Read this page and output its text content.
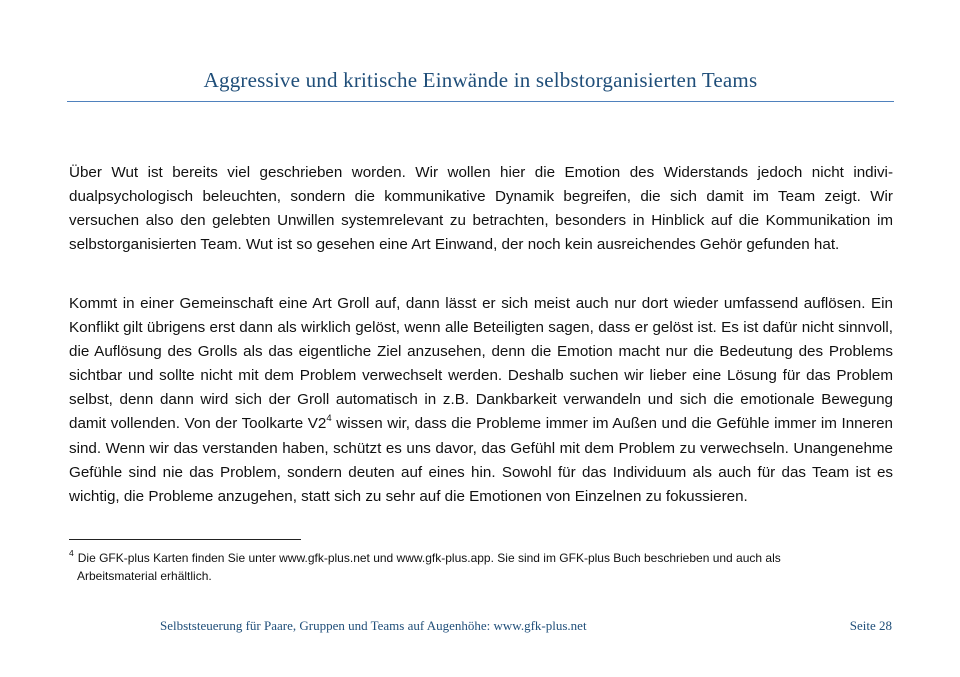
Aggressive und kritische Einwände in selbstorganisierten Teams

Über Wut ist bereits viel geschrieben worden. Wir wollen hier die Emotion des Widerstands jedoch nicht individualpsychologisch beleuchten, sondern die kommunikative Dynamik begreifen, die sich damit im Team zeigt. Wir versuchen also den gelebten Unwillen systemrelevant zu betrachten, besonders in Hinblick auf die Kommunikation im selbstorganisierten Team. Wut ist so gesehen eine Art Einwand, der noch kein ausreichendes Gehör gefunden hat.

Kommt in einer Gemeinschaft eine Art Groll auf, dann lässt er sich meist auch nur dort wieder umfassend auflösen. Ein Konflikt gilt übrigens erst dann als wirklich gelöst, wenn alle Beteiligten sagen, dass er gelöst ist. Es ist dafür nicht sinnvoll, die Auflösung des Grolls als das eigentliche Ziel anzusehen, denn die Emotion macht nur die Bedeutung des Problems sichtbar und sollte nicht mit dem Problem verwechselt werden. Deshalb suchen wir lieber eine Lösung für das Problem selbst, denn dann wird sich der Groll automatisch in z.B. Dankbarkeit verwandeln und sich die emotionale Bewegung damit vollenden. Von der Toolkarte $V2^4$ wissen wir, dass die Probleme immer im Außen und die Gefühle immer im Inneren sind. Wenn wir das verstanden haben, schützt es uns davor, das Gefühl mit dem Problem zu verwechseln. Unangenehme Gefühle sind nie das Problem, sondern deuten auf eines hin. Sowohl für das Individuum als auch für das Team ist es wichtig, die Probleme anzugehen, statt sich zu sehr auf die Emotionen von Einzelnen zu fokussieren.

$^4$ Die GFK-plus Karten finden Sie unter www.gfk-plus.net und www.gfk-plus.app. Sie sind im GFK-plus Buch beschrieben und auch als
Arbeitsmaterial erhältlich.
Selbststeuerung für Paare, Gruppen und Teams auf Augenhöhe: www.gfk-plus.net	Seite 28
